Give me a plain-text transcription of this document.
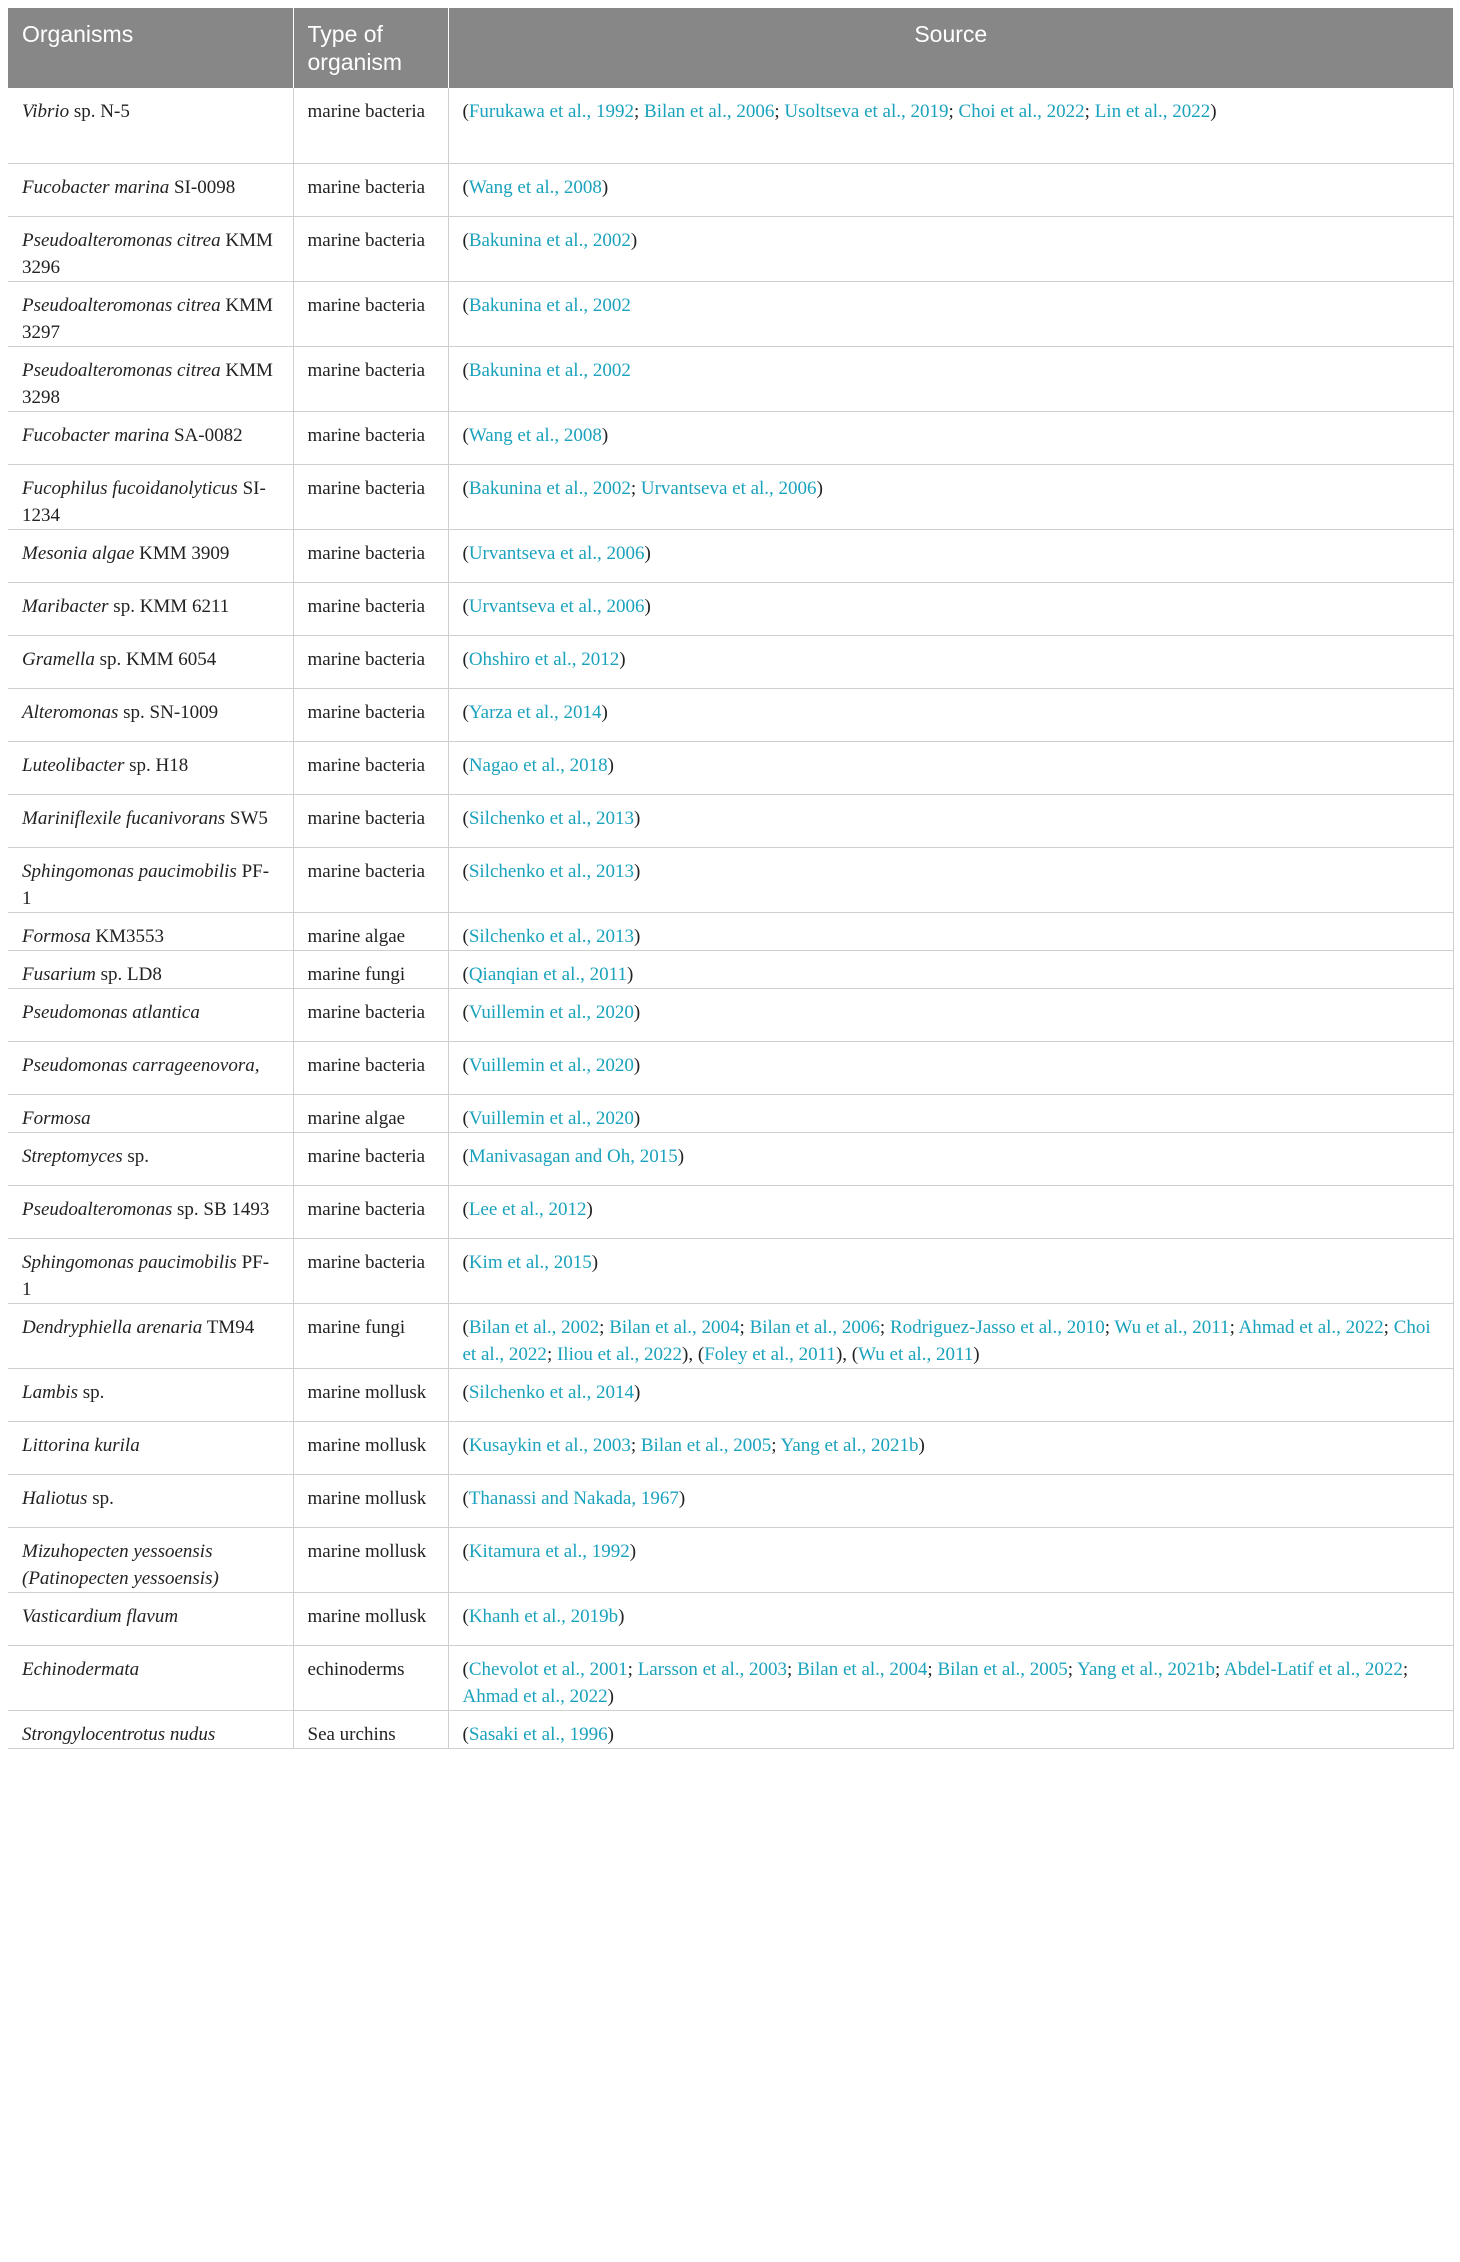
Organisms	Type of organism	Source
Vibrio sp. N-5	marine bacteria	(Furukawa et al., 1992; Bilan et al., 2006; Usoltseva et al., 2019; Choi et al., 2022; Lin et al., 2022)
Fucobacter marina SI-0098	marine bacteria	(Wang et al., 2008)
Pseudoalteromonas citrea KMM 3296	marine bacteria	(Bakunina et al., 2002)
Pseudoalteromonas citrea KMM 3297	marine bacteria	(Bakunina et al., 2002
Pseudoalteromonas citrea KMM 3298	marine bacteria	(Bakunina et al., 2002
Fucobacter marina SA-0082	marine bacteria	(Wang et al., 2008)
Fucophilus fucoidanolyticus SI-1234	marine bacteria	(Bakunina et al., 2002; Urvantseva et al., 2006)
Mesonia algae KMM 3909	marine bacteria	(Urvantseva et al., 2006)
Maribacter sp. KMM 6211	marine bacteria	(Urvantseva et al., 2006)
Gramella sp. KMM 6054	marine bacteria	(Ohshiro et al., 2012)
Alteromonas sp. SN-1009	marine bacteria	(Yarza et al., 2014)
Luteolibacter sp. H18	marine bacteria	(Nagao et al., 2018)
Mariniflexile fucanivorans SW5	marine bacteria	(Silchenko et al., 2013)
Sphingomonas paucimobilis PF-1	marine bacteria	(Silchenko et al., 2013)
Formosa KM3553	marine algae	(Silchenko et al., 2013)
Fusarium sp. LD8	marine fungi	(Qianqian et al., 2011)
Pseudomonas atlantica	marine bacteria	(Vuillemin et al., 2020)
Pseudomonas carrageenovora,	marine bacteria	(Vuillemin et al., 2020)
Formosa	marine algae	(Vuillemin et al., 2020)
Streptomyces sp.	marine bacteria	(Manivasagan and Oh, 2015)
Pseudoalteromonas sp. SB 1493	marine bacteria	(Lee et al., 2012)
Sphingomonas paucimobilis PF-1	marine bacteria	(Kim et al., 2015)
Dendryphiella arenaria TM94	marine fungi	(Bilan et al., 2002; Bilan et al., 2004; Bilan et al., 2006; Rodriguez-Jasso et al., 2010; Wu et al., 2011; Ahmad et al., 2022; Choi et al., 2022; Iliou et al., 2022), (Foley et al., 2011), (Wu et al., 2011)
Lambis sp.	marine mollusk	(Silchenko et al., 2014)
Littorina kurila	marine mollusk	(Kusaykin et al., 2003; Bilan et al., 2005; Yang et al., 2021b)
Haliotus sp.	marine mollusk	(Thanassi and Nakada, 1967)
Mizuhopecten yessoensis (Patinopecten yessoensis)	marine mollusk	(Kitamura et al., 1992)
Vasticardium flavum	marine mollusk	(Khanh et al., 2019b)
Echinodermata	echinoderms	(Chevolot et al., 2001; Larsson et al., 2003; Bilan et al., 2004; Bilan et al., 2005; Yang et al., 2021b; Abdel-Latif et al., 2022; Ahmad et al., 2022)
Strongylocentrotus nudus	Sea urchins	(Sasaki et al., 1996)
